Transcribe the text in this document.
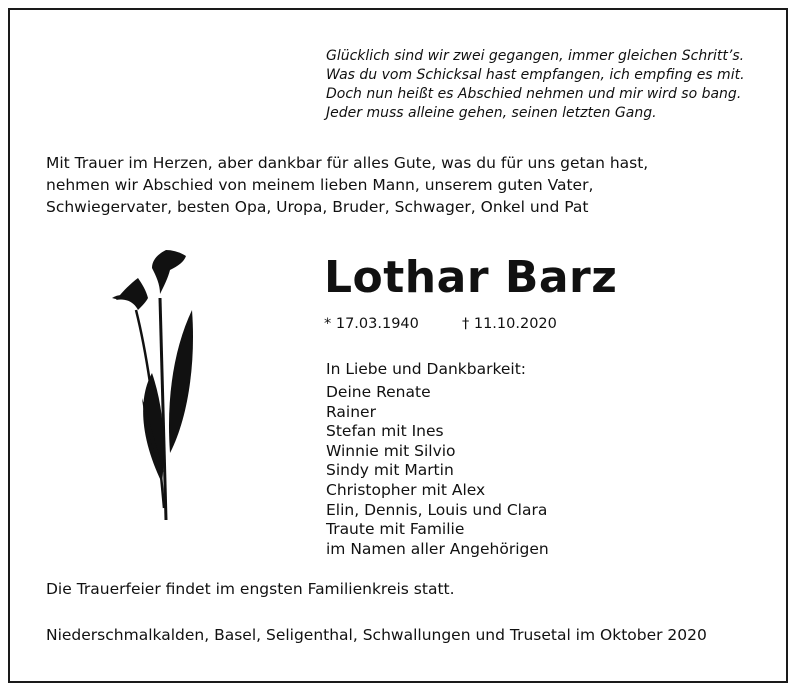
Glücklich sind wir zwei gegangen, immer gleichen Schritt’s.
Was du vom Schicksal hast empfangen, ich empfing es mit.
Doch nun heißt es Abschied nehmen und mir wird so bang.
Jeder muss alleine gehen, seinen letzten Gang.
Mit Trauer im Herzen, aber dankbar für alles Gute, was du für uns getan hast,
nehmen wir Abschied von meinem lieben Mann, unserem guten Vater,
Schwiegervater, besten Opa, Uropa, Bruder, Schwager, Onkel und Pat
Lothar Barz
* 17.03.1940	† 11.10.2020
In Liebe und Dankbarkeit:
Deine Renate
Rainer
Stefan mit Ines
Winnie mit Silvio
Sindy mit Martin
Christopher mit Alex
Elin, Dennis, Louis und Clara
Traute mit Familie
im Namen aller Angehörigen
Die Trauerfeier findet im engsten Familienkreis statt.
Niederschmalkalden, Basel, Seligenthal, Schwallungen und Trusetal im Oktober 2020
